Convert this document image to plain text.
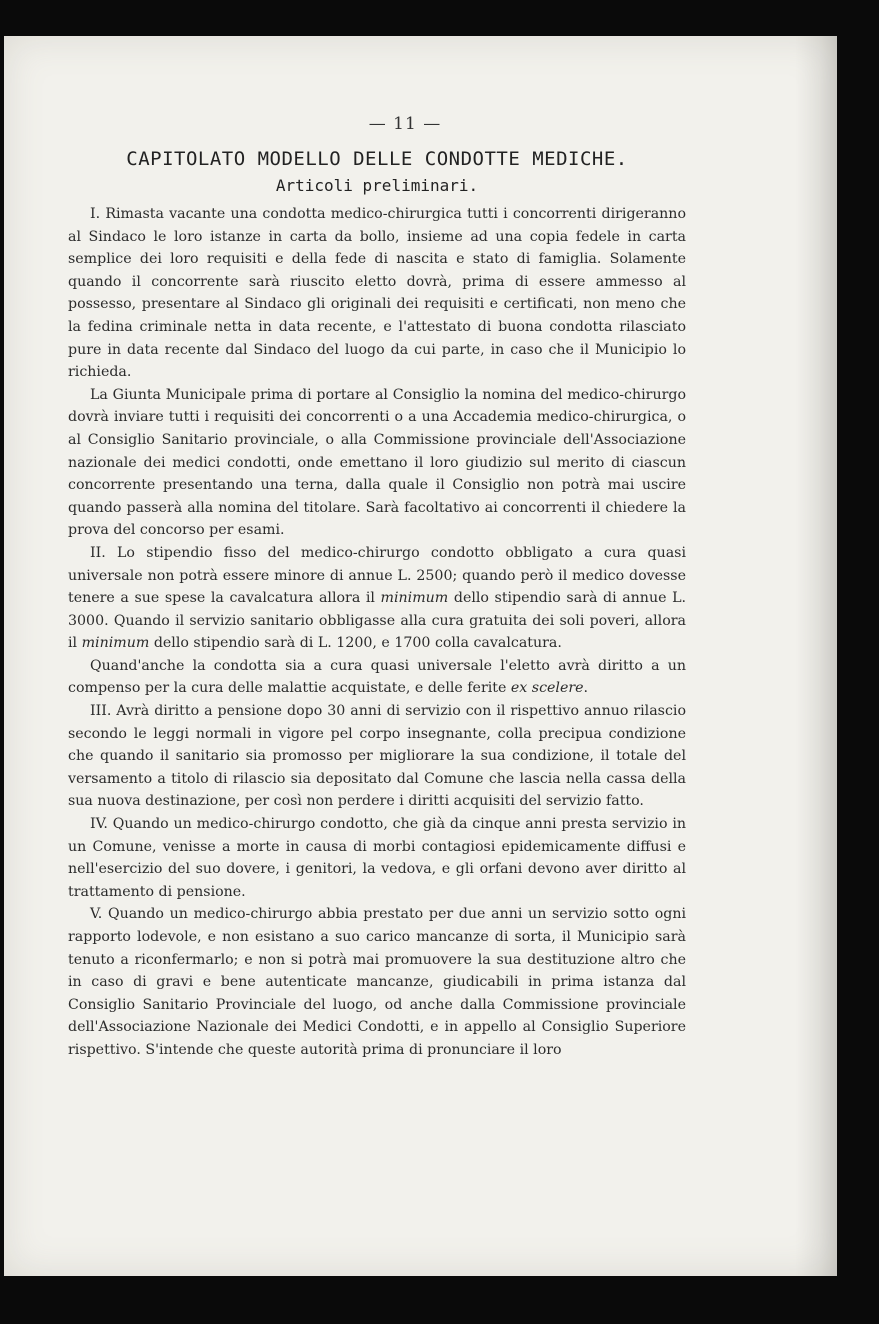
— 11 —
CAPITOLATO MODELLO DELLE CONDOTTE MEDICHE.
Articoli preliminari.

I. Rimasta vacante una condotta medico-chirurgica tutti i concorrenti dirigeranno al Sindaco le loro istanze in carta da bollo, insieme ad una copia fedele in carta semplice dei loro requisiti e della fede di nascita e stato di famiglia. Solamente quando il concorrente sarà riuscito eletto dovrà, prima di essere ammesso al possesso, presentare al Sindaco gli originali dei requisiti e certificati, non meno che la fedina criminale netta in data recente, e l'attestato di buona condotta rilasciato pure in data recente dal Sindaco del luogo da cui parte, in caso che il Municipio lo richieda.

La Giunta Municipale prima di portare al Consiglio la nomina del medico-chirurgo dovrà inviare tutti i requisiti dei concorrenti o a una Accademia medico-chirurgica, o al Consiglio Sanitario provinciale, o alla Commissione provinciale dell'Associazione nazionale dei medici condotti, onde emettano il loro giudizio sul merito di ciascun concorrente presentando una terna, dalla quale il Consiglio non potrà mai uscire quando passerà alla nomina del titolare. Sarà facoltativo ai concorrenti il chiedere la prova del concorso per esami.

II. Lo stipendio fisso del medico-chirurgo condotto obbligato a cura quasi universale non potrà essere minore di annue L. 2500; quando però il medico dovesse tenere a sue spese la cavalcatura allora il minimum dello stipendio sarà di annue L. 3000. Quando il servizio sanitario obbligasse alla cura gratuita dei soli poveri, allora il minimum dello stipendio sarà di L. 1200, e 1700 colla cavalcatura.

Quand'anche la condotta sia a cura quasi universale l'eletto avrà diritto a un compenso per la cura delle malattie acquistate, e delle ferite ex scelere.

III. Avrà diritto a pensione dopo 30 anni di servizio con il rispettivo annuo rilascio secondo le leggi normali in vigore pel corpo insegnante, colla precipua condizione che quando il sanitario sia promosso per migliorare la sua condizione, il totale del versamento a titolo di rilascio sia depositato dal Comune che lascia nella cassa della sua nuova destinazione, per così non perdere i diritti acquisiti del servizio fatto.

IV. Quando un medico-chirurgo condotto, che già da cinque anni presta servizio in un Comune, venisse a morte in causa di morbi contagiosi epidemicamente diffusi e nell'esercizio del suo dovere, i genitori, la vedova, e gli orfani devono aver diritto al trattamento di pensione.

V. Quando un medico-chirurgo abbia prestato per due anni un servizio sotto ogni rapporto lodevole, e non esistano a suo carico mancanze di sorta, il Municipio sarà tenuto a riconfermarlo; e non si potrà mai promuovere la sua destituzione altro che in caso di gravi e bene autenticate mancanze, giudicabili in prima istanza dal Consiglio Sanitario Provinciale del luogo, od anche dalla Commissione provinciale dell'Associazione Nazionale dei Medici Condotti, e in appello al Consiglio Superiore rispettivo. S'intende che queste autorità prima di pronunciare il loro
